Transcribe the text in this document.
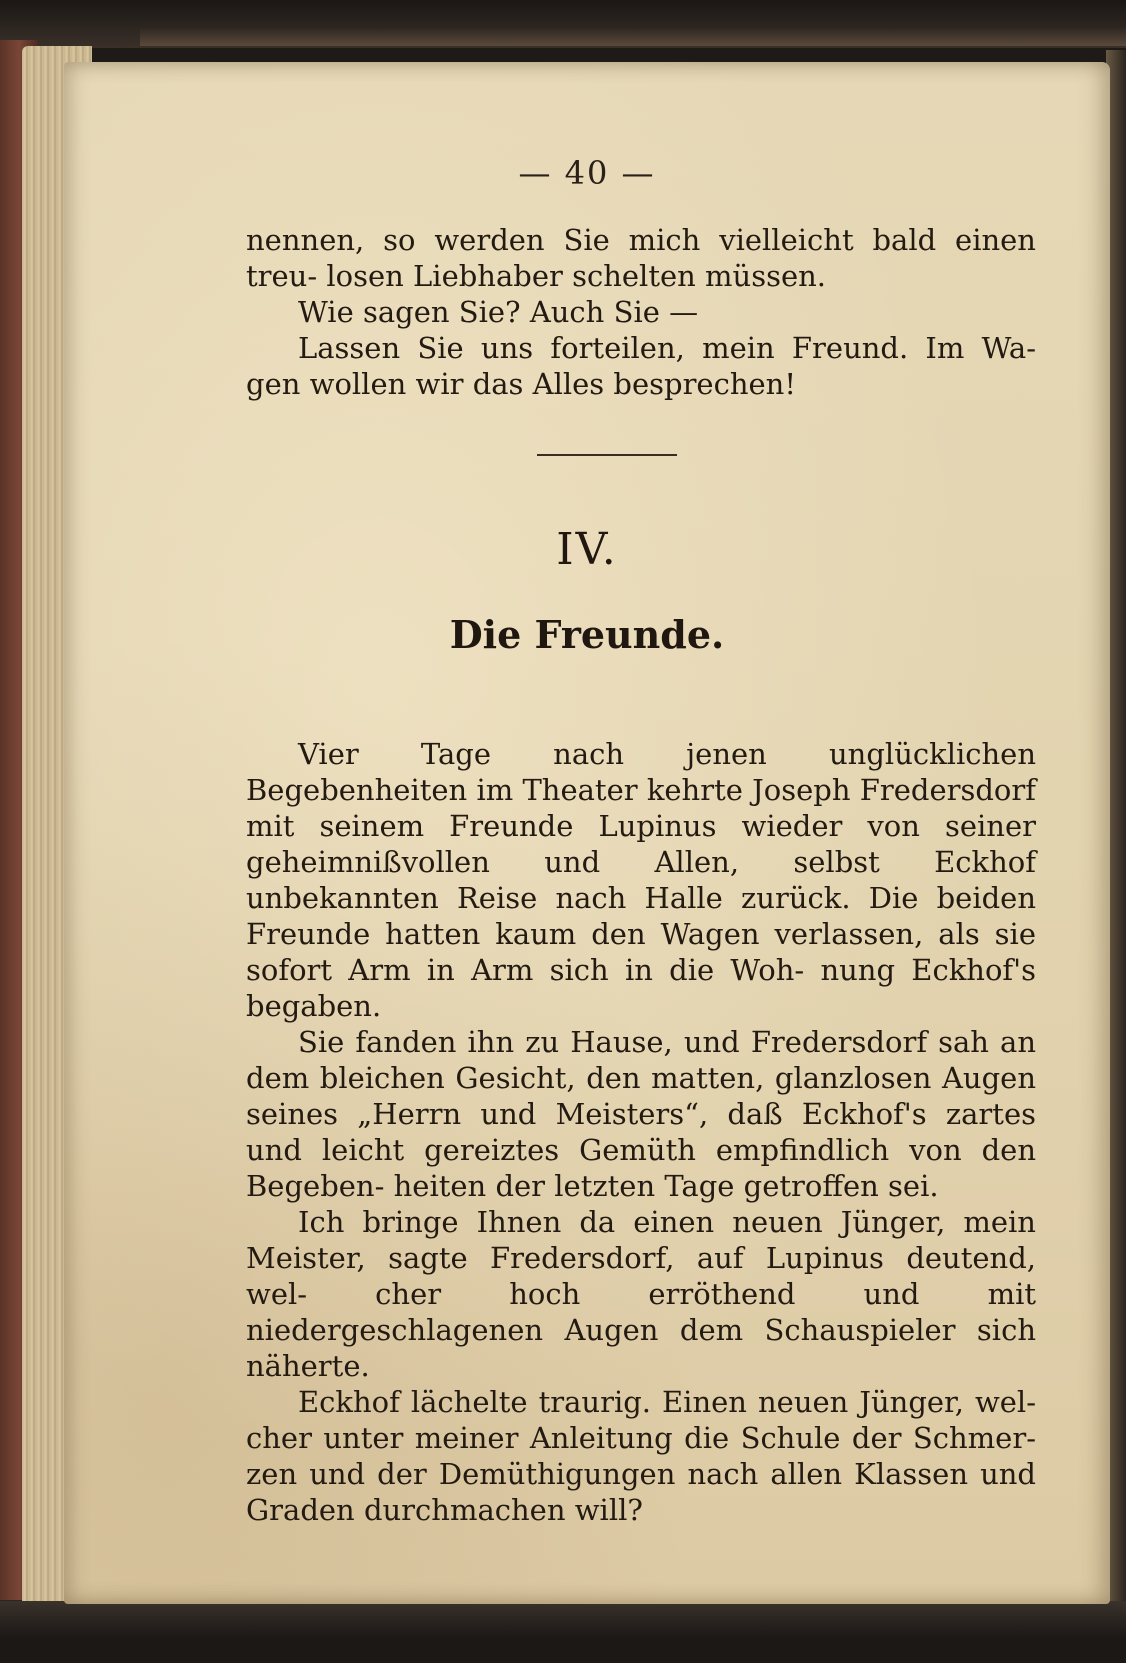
— 40 —

nennen, so werden Sie mich vielleicht bald einen treu- losen Liebhaber schelten müssen.

Wie sagen Sie? Auch Sie —

Lassen Sie uns forteilen, mein Freund. Im Wa- gen wollen wir das Alles besprechen!

IV.
Die Freunde.

Vier Tage nach jenen unglücklichen Begebenheiten im Theater kehrte Joseph Fredersdorf mit seinem Freunde Lupinus wieder von seiner geheimnißvollen und Allen, selbst Eckhof unbekannten Reise nach Halle zurück. Die beiden Freunde hatten kaum den Wagen verlassen, als sie sofort Arm in Arm sich in die Woh- nung Eckhof's begaben.

Sie fanden ihn zu Hause, und Fredersdorf sah an dem bleichen Gesicht, den matten, glanzlosen Augen seines „Herrn und Meisters“, daß Eckhof's zartes und leicht gereiztes Gemüth empfindlich von den Begeben- heiten der letzten Tage getroffen sei.

Ich bringe Ihnen da einen neuen Jünger, mein Meister, sagte Fredersdorf, auf Lupinus deutend, wel- cher hoch erröthend und mit niedergeschlagenen Augen dem Schauspieler sich näherte.

Eckhof lächelte traurig. Einen neuen Jünger, wel- cher unter meiner Anleitung die Schule der Schmer- zen und der Demüthigungen nach allen Klassen und Graden durchmachen will?
